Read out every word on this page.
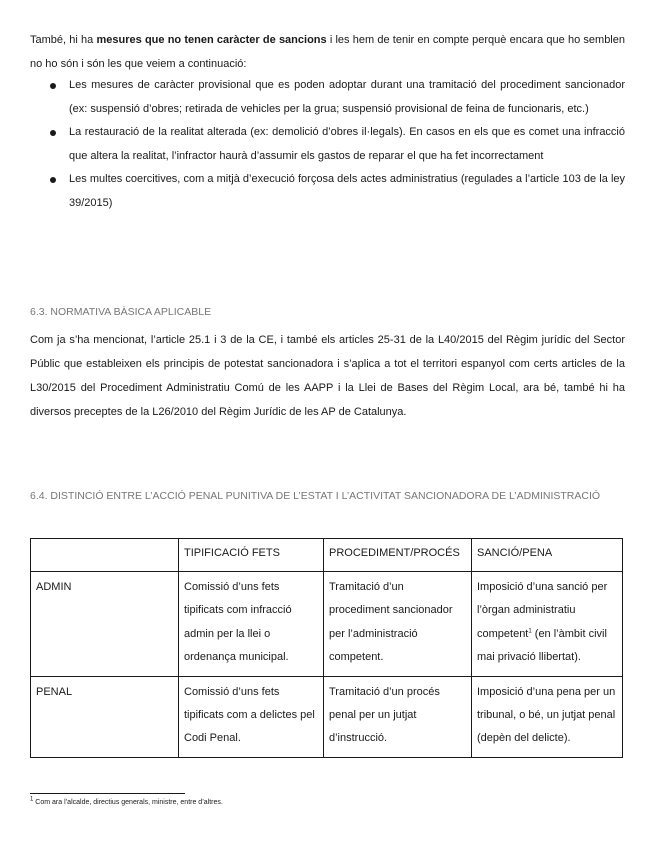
També, hi ha mesures que no tenen caràcter de sancions i les hem de tenir en compte perquè encara que ho semblen no ho són i són les que veiem a continuació:

Les mesures de caràcter provisional que es poden adoptar durant una tramitació del procediment sancionador (ex: suspensió d’obres; retirada de vehicles per la grua; suspensió provisional de feina de funcionaris, etc.)
La restauració de la realitat alterada (ex: demolició d’obres il·legals). En casos en els que es comet una infracció que altera la realitat, l’infractor haurà d’assumir els gastos de reparar el que ha fet incorrectament
Les multes coercitives, com a mitjà d’execució forçosa dels actes administratius (regulades a l’article 103 de la ley 39/2015)
6.3. NORMATIVA BÀSICA APLICABLE

Com ja s’ha mencionat, l’article 25.1 i 3 de la CE, i també els articles 25-31 de la L40/2015 del Règim jurídic del Sector Públic que estableixen els principis de potestat sancionadora i s’aplica a tot el territori espanyol com certs articles de la L30/2015 del Procediment Administratiu Comú de les AAPP i la Llei de Bases del Règim Local, ara bé, també hi ha diversos preceptes de la L26/2010 del Règim Jurídic de les AP de Catalunya.

6.4. DISTINCIÓ ENTRE L’ACCIÓ PENAL PUNITIVA DE L’ESTAT I L’ACTIVITAT SANCIONADORA DE L’ADMINISTRACIÓ
	TIPIFICACIÓ FETS	PROCEDIMENT/PROCÉS	SANCIÓ/PENA
ADMIN	Comissió d’uns fets tipificats com infracció admin per la llei o ordenança municipal.	Tramitació d’un procediment sancionador per l’administració competent.	Imposició d’una sanció per l’òrgan administratiu competent$^1$ (en l’àmbit civil mai privació llibertat).
PENAL	Comissió d’uns fets tipificats com a delictes pel Codi Penal.	Tramitació d’un procés penal per un jutjat d’instrucció.	Imposició d’una pena per un tribunal, o bé, un jutjat penal (depèn del delicte).
$^1$ Com ara l’alcalde, directius generals, ministre, entre d’altres.
